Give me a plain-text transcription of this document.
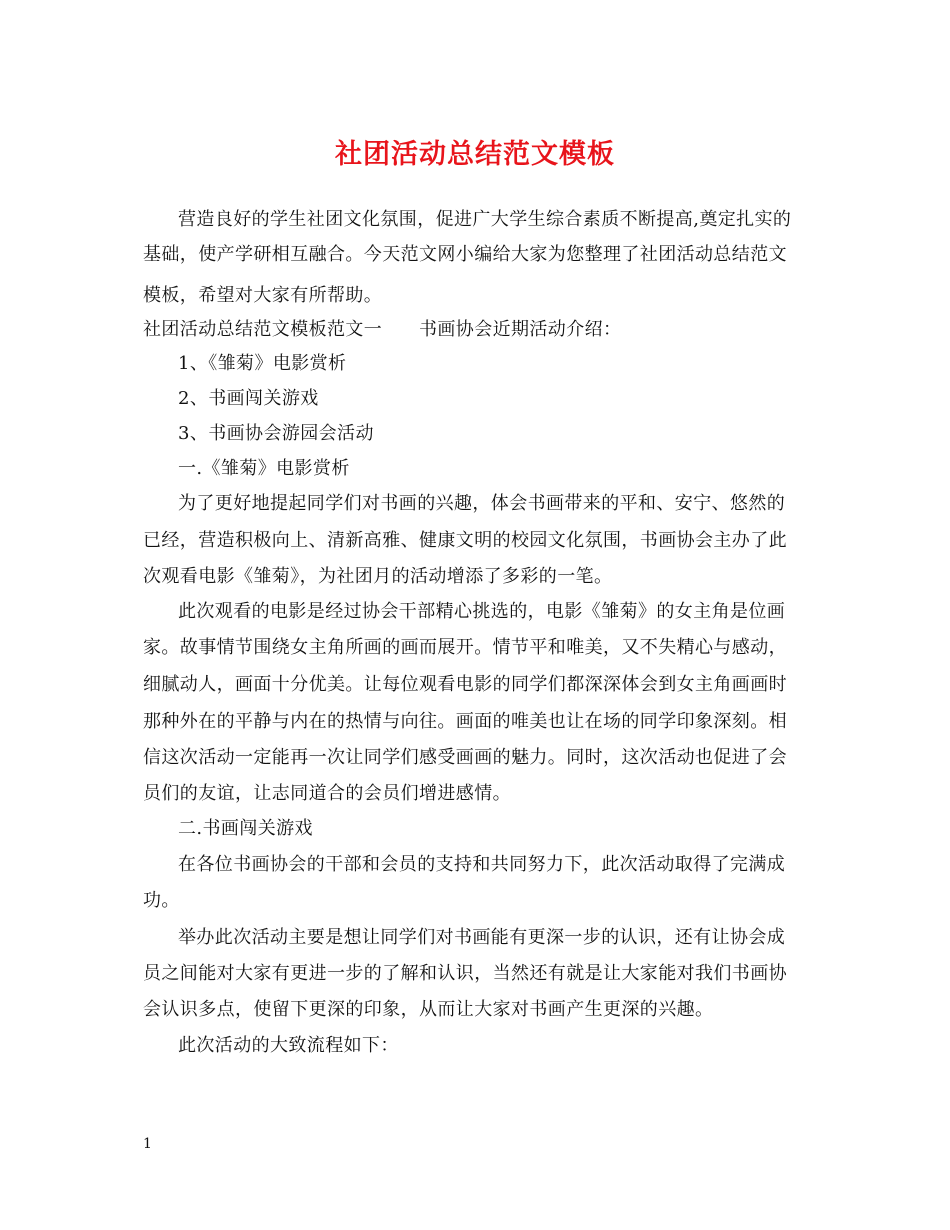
社团活动总结范文模板
营造良好的学生社团文化氛围，促进广大学生综合素质不断提高,奠定扎实的
基础，使产学研相互融合。今天范文网小编给大家为您整理了社团活动总结范文
模板，希望对大家有所帮助。
社团活动总结范文模板范文一　　书画协会近期活动介绍：
1、《雏菊》电影赏析
2、书画闯关游戏
3、书画协会游园会活动
一.《雏菊》电影赏析
为了更好地提起同学们对书画的兴趣，体会书画带来的平和、安宁、悠然的
已经，营造积极向上、清新高雅、健康文明的校园文化氛围，书画协会主办了此
次观看电影《雏菊》，为社团月的活动增添了多彩的一笔。
此次观看的电影是经过协会干部精心挑选的，电影《雏菊》的女主角是位画
家。故事情节围绕女主角所画的画而展开。情节平和唯美，又不失精心与感动，
细腻动人，画面十分优美。让每位观看电影的同学们都深深体会到女主角画画时
那种外在的平静与内在的热情与向往。画面的唯美也让在场的同学印象深刻。相
信这次活动一定能再一次让同学们感受画画的魅力。同时，这次活动也促进了会
员们的友谊，让志同道合的会员们增进感情。
二.书画闯关游戏
在各位书画协会的干部和会员的支持和共同努力下，此次活动取得了完满成
功。
举办此次活动主要是想让同学们对书画能有更深一步的认识，还有让协会成
员之间能对大家有更进一步的了解和认识，当然还有就是让大家能对我们书画协
会认识多点，使留下更深的印象，从而让大家对书画产生更深的兴趣。
此次活动的大致流程如下：
1
